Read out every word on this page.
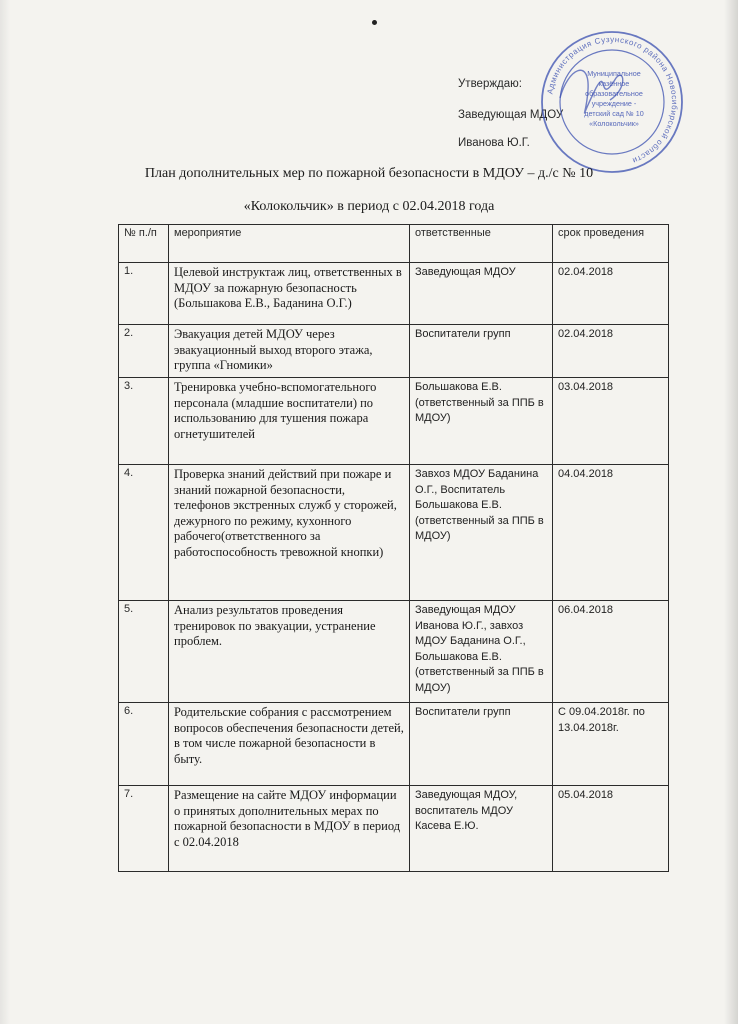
Утверждаю:
Заведующая МДОУ
Иванова Ю.Г.
Администрация Сузунского района Новосибирской области
Муниципальное
казённое
образовательное
учреждение -
детский сад № 10
«Колокольчик»
План дополнительных мер по пожарной безопасности в МДОУ – д./с № 10
«Колокольчик» в период с 02.04.2018 года
№ п./п	мероприятие	ответственные	срок проведения
1.	Целевой инструктаж лиц, ответственных в МДОУ за пожарную безопасность (Большакова Е.В., Баданина О.Г.)	Заведующая МДОУ	02.04.2018
2.	Эвакуация детей МДОУ через эвакуационный выход второго этажа, группа «Гномики»	Воспитатели групп	02.04.2018
3.	Тренировка учебно-вспомогательного персонала (младшие воспитатели) по использованию для тушения пожара огнетушителей	Большакова Е.В.(ответственный за ППБ в МДОУ)	03.04.2018
4.	Проверка знаний действий при пожаре и знаний пожарной безопасности, телефонов экстренных служб у сторожей, дежурного по режиму, кухонного рабочего(ответственного за работоспособность тревожной кнопки)	Завхоз МДОУ Баданина О.Г., Воспитатель Большакова Е.В.(ответственный за ППБ в МДОУ)	04.04.2018
5.	Анализ результатов проведения тренировок по эвакуации, устранение проблем.	Заведующая МДОУ Иванова Ю.Г., завхоз МДОУ Баданина О.Г., Большакова Е.В.(ответственный за ППБ в МДОУ)	06.04.2018
6.	Родительские собрания с рассмотрением вопросов обеспечения безопасности детей, в том числе пожарной безопасности в быту.	Воспитатели групп	С 09.04.2018г. по 13.04.2018г.
7.	Размещение на сайте МДОУ информации о принятых дополнительных мерах по пожарной безопасности в МДОУ в период с 02.04.2018	Заведующая МДОУ, воспитатель МДОУ Касева Е.Ю.	05.04.2018
